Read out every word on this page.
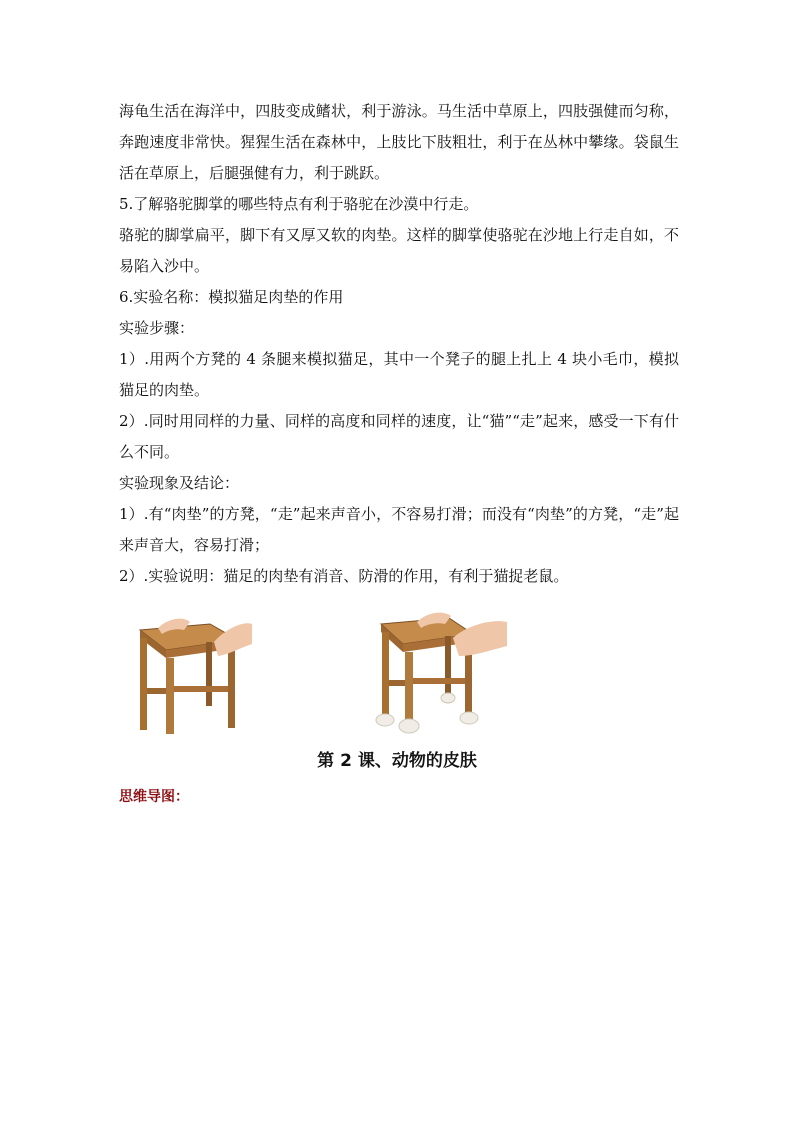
海龟生活在海洋中，四肢变成鳍状，利于游泳。马生活中草原上，四肢强健而匀称，奔跑速度非常快。猩猩生活在森林中，上肢比下肢粗壮，利于在丛林中攀缘。袋鼠生活在草原上，后腿强健有力，利于跳跃。

5.了解骆驼脚掌的哪些特点有利于骆驼在沙漠中行走。

骆驼的脚掌扁平，脚下有又厚又软的肉垫。这样的脚掌使骆驼在沙地上行走自如，不易陷入沙中。

6.实验名称：模拟猫足肉垫的作用

实验步骤：

1）.用两个方凳的 4 条腿来模拟猫足，其中一个凳子的腿上扎上 4 块小毛巾，模拟猫足的肉垫。

2）.同时用同样的力量、同样的高度和同样的速度，让“猫”“走”起来，感受一下有什么不同。

实验现象及结论：

1）.有“肉垫”的方凳，“走”起来声音小，不容易打滑；而没有“肉垫”的方凳，“走”起来声音大，容易打滑；

2）.实验说明：猫足的肉垫有消音、防滑的作用，有利于猫捉老鼠。

第 2 课、动物的皮肤
思维导图：
